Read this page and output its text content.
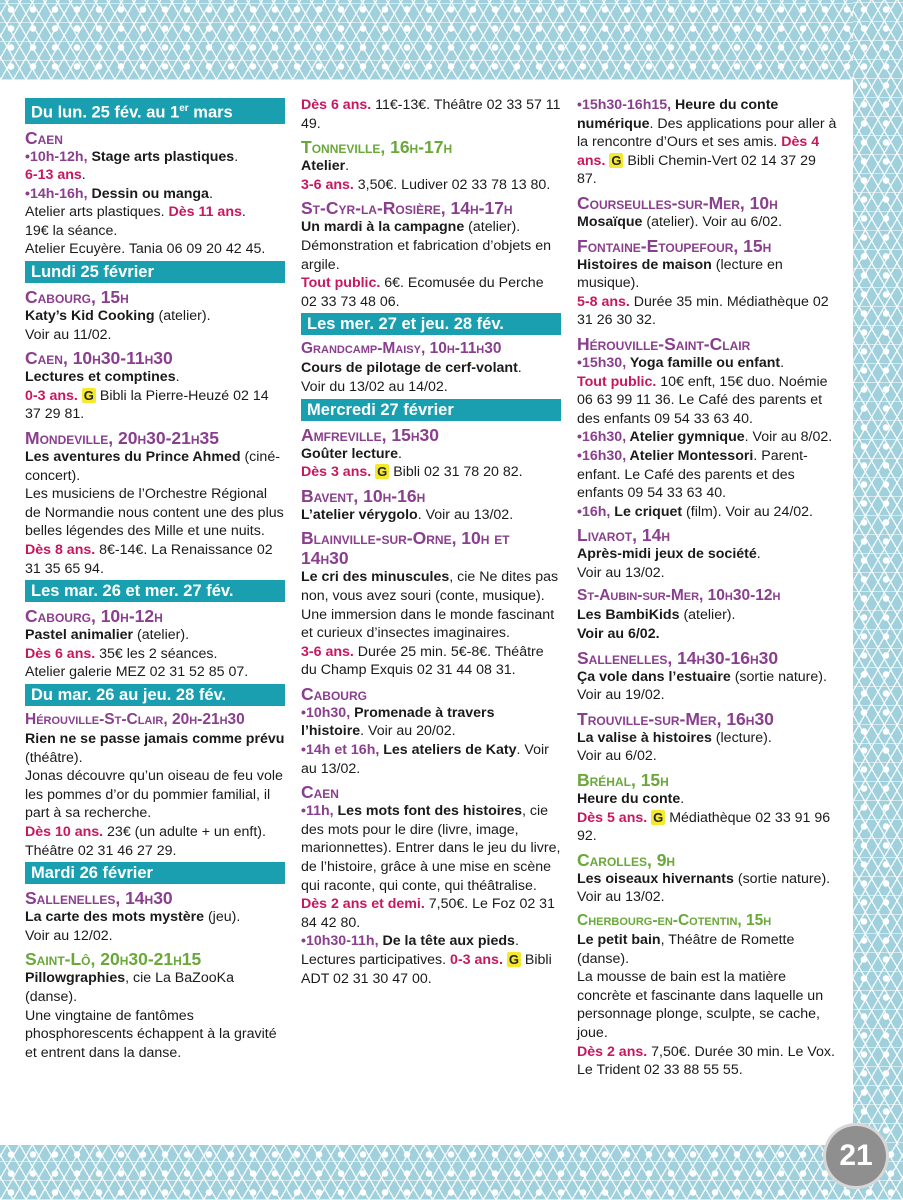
Du lun. 25 fév. au 1er mars
Caen
•10h-12h, Stage arts plastiques.
6-13 ans.
•14h-16h, Dessin ou manga.
Atelier arts plastiques. Dès 11 ans.
19€ la séance.
Atelier Ecuyère. Tania 06 09 20 42 45.
Lundi 25 février
Cabourg, 15h
Katy’s Kid Cooking (atelier).
Voir au 11/02.
Caen, 10h30-11h30
Lectures et comptines.
0-3 ans. G Bibli la Pierre-Heuzé 02 14 37 29 81.
Mondeville, 20h30-21h35
Les aventures du Prince Ahmed (ciné-concert).
Les musiciens de l’Orchestre Régional de Normandie nous content une des plus belles légendes des Mille et une nuits.
Dès 8 ans. 8€-14€. La Renaissance 02 31 35 65 94.
Les mar. 26 et mer. 27 fév.
Cabourg, 10h-12h
Pastel animalier (atelier).
Dès 6 ans. 35€ les 2 séances.
Atelier galerie MEZ 02 31 52 85 07.
Du mar. 26 au jeu. 28 fév.
Hérouville-St-Clair, 20h-21h30
Rien ne se passe jamais comme prévu (théâtre).
Jonas découvre qu’un oiseau de feu vole les pommes d’or du pommier familial, il part à sa recherche.
Dès 10 ans. 23€ (un adulte + un enft). Théâtre 02 31 46 27 29.
Mardi 26 février
Sallenelles, 14h30
La carte des mots mystère (jeu).
Voir au 12/02.
Saint-Lô, 20h30-21h15
Pillowgraphies, cie La BaZooKa (danse).
Une vingtaine de fantômes phosphorescents échappent à la gravité et entrent dans la danse.
Dès 6 ans. 11€-13€. Théâtre 02 33 57 11 49.
Tonneville, 16h-17h
Atelier.
3-6 ans. 3,50€. Ludiver 02 33 78 13 80.
St-Cyr-la-Rosière, 14h-17h
Un mardi à la campagne (atelier).
Démonstration et fabrication d’objets en argile.
Tout public. 6€. Ecomusée du Perche 02 33 73 48 06.
Les mer. 27 et jeu. 28 fév.
Grandcamp-Maisy, 10h-11h30
Cours de pilotage de cerf-volant.
Voir du 13/02 au 14/02.
Mercredi 27 février
Amfreville, 15h30
Goûter lecture.
Dès 3 ans. G Bibli 02 31 78 20 82.
Bavent, 10h-16h
L’atelier vérygolo. Voir au 13/02.
Blainville-sur-Orne, 10h et 14h30
Le cri des minuscules, cie Ne dites pas non, vous avez souri (conte, musique).
Une immersion dans le monde fascinant et curieux d’insectes imaginaires.
3-6 ans. Durée 25 min. 5€-8€. Théâtre du Champ Exquis 02 31 44 08 31.
Cabourg
•10h30, Promenade à travers l’histoire. Voir au 20/02.
•14h et 16h, Les ateliers de Katy. Voir au 13/02.
Caen
•11h, Les mots font des histoires, cie des mots pour le dire (livre, image, marionnettes). Entrer dans le jeu du livre, de l’histoire, grâce à une mise en scène qui raconte, qui conte, qui théâtralise. Dès 2 ans et demi. 7,50€. Le Foz 02 31 84 42 80.
•10h30-11h, De la tête aux pieds. Lectures participatives. 0-3 ans. G Bibli ADT 02 31 30 47 00.
•15h30-16h15, Heure du conte numérique. Des applications pour aller à la rencontre d’Ours et ses amis. Dès 4 ans. G Bibli Chemin-Vert 02 14 37 29 87.
Courseulles-sur-Mer, 10h
Mosaïque (atelier). Voir au 6/02.
Fontaine-Etoupefour, 15h
Histoires de maison (lecture en musique).
5-8 ans. Durée 35 min. Médiathèque 02 31 26 30 32.
Hérouville-Saint-Clair
•15h30, Yoga famille ou enfant.
Tout public. 10€ enft, 15€ duo. Noémie 06 63 99 11 36. Le Café des parents et des enfants 09 54 33 63 40.
•16h30, Atelier gymnique. Voir au 8/02.
•16h30, Atelier Montessori. Parent-enfant. Le Café des parents et des enfants 09 54 33 63 40.
•16h, Le criquet (film). Voir au 24/02.
Livarot, 14h
Après-midi jeux de société.
Voir au 13/02.
St-Aubin-sur-Mer, 10h30-12h
Les BambiKids (atelier).
Voir au 6/02.
Sallenelles, 14h30-16h30
Ça vole dans l’estuaire (sortie nature). Voir au 19/02.
Trouville-sur-Mer, 16h30
La valise à histoires (lecture).
Voir au 6/02.
Bréhal, 15h
Heure du conte.
Dès 5 ans. G Médiathèque 02 33 91 96 92.
Carolles, 9h
Les oiseaux hivernants (sortie nature). Voir au 13/02.
Cherbourg-en-Cotentin, 15h
Le petit bain, Théâtre de Romette (danse).
La mousse de bain est la matière concrète et fascinante dans laquelle un personnage plonge, sculpte, se cache, joue.
Dès 2 ans. 7,50€. Durée 30 min. Le Vox. Le Trident 02 33 88 55 55.
21
